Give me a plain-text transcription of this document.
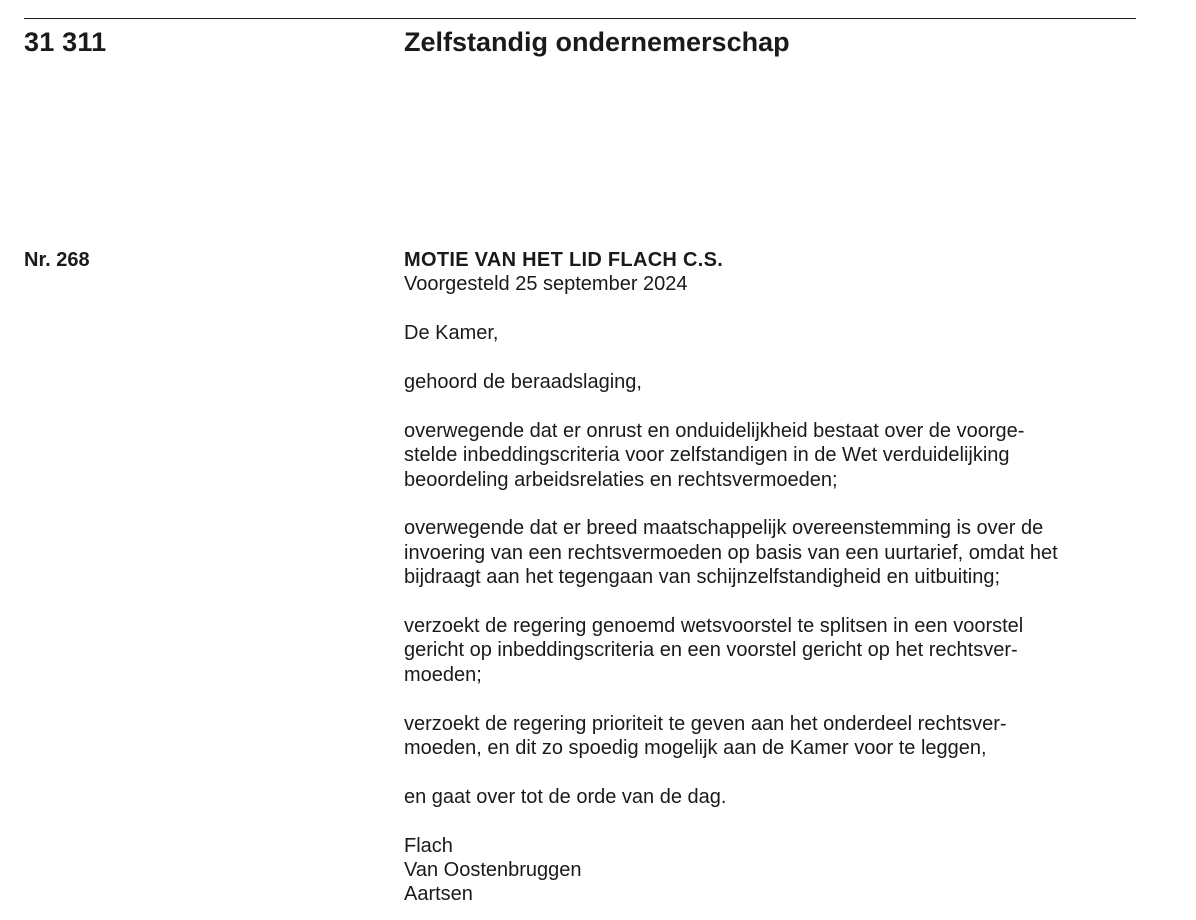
31 311	Zelfstandig ondernemerschap
Nr. 268	MOTIE VAN HET LID FLACH C.S.

Voorgesteld 25 september 2024

De Kamer,

gehoord de beraadslaging,

overwegende dat er onrust en onduidelijkheid bestaat over de voorge-
stelde inbeddingscriteria voor zelfstandigen in de Wet verduidelijking
beoordeling arbeidsrelaties en rechtsvermoeden;

overwegende dat er breed maatschappelijk overeenstemming is over de
invoering van een rechtsvermoeden op basis van een uurtarief, omdat het
bijdraagt aan het tegengaan van schijnzelfstandigheid en uitbuiting;

verzoekt de regering genoemd wetsvoorstel te splitsen in een voorstel
gericht op inbeddingscriteria en een voorstel gericht op het rechtsver-
moeden;

verzoekt de regering prioriteit te geven aan het onderdeel rechtsver-
moeden, en dit zo spoedig mogelijk aan de Kamer voor te leggen,

en gaat over tot de orde van de dag.

Flach
Van Oostenbruggen
Aartsen
